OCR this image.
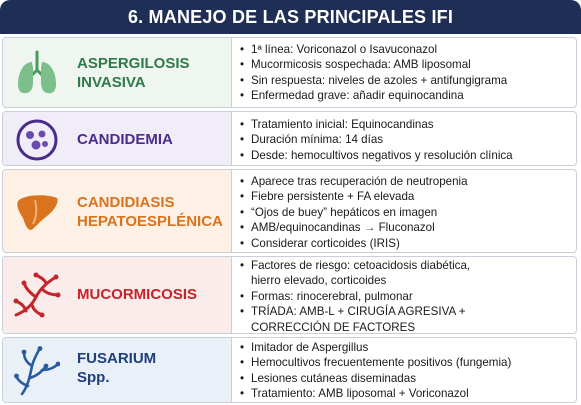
6. MANEJO DE LAS PRINCIPALES IFI
ASPERGILOSIS
INVASIVA
• 1ª línea: Voriconazol o Isavuconazol
• Mucormicosis sospechada: AMB liposomal
• Sin respuesta: niveles de azoles + antifungigrama
• Enfermedad grave: añadir equinocandina
CANDIDEMIA
• Tratamiento inicial: Equinocandinas
• Duración mínima: 14 días
• Desde: hemocultivos negativos y resolución clínica
CANDIDIASIS
HEPATOESPLÉNICA
• Aparece tras recuperación de neutropenia
• Fiebre persistente + FA elevada
• “Ojos de buey” hepáticos en imagen
• AMB/equinocandinas → Fluconazol
• Considerar corticoides (IRIS)
MUCORMICOSIS
• Factores de riesgo: cetoacidosis diabética,
hierro elevado, corticoides
• Formas: rinocerebral, pulmonar
• TRÍADA: AMB-L + CIRUGÍA AGRESIVA +
CORRECCIÓN DE FACTORES
FUSARIUM
Spp.
• Imitador de Aspergillus
• Hemocultivos frecuentemente positivos (fungemia)
• Lesiones cutáneas diseminadas
• Tratamiento: AMB liposomal + Voriconazol
